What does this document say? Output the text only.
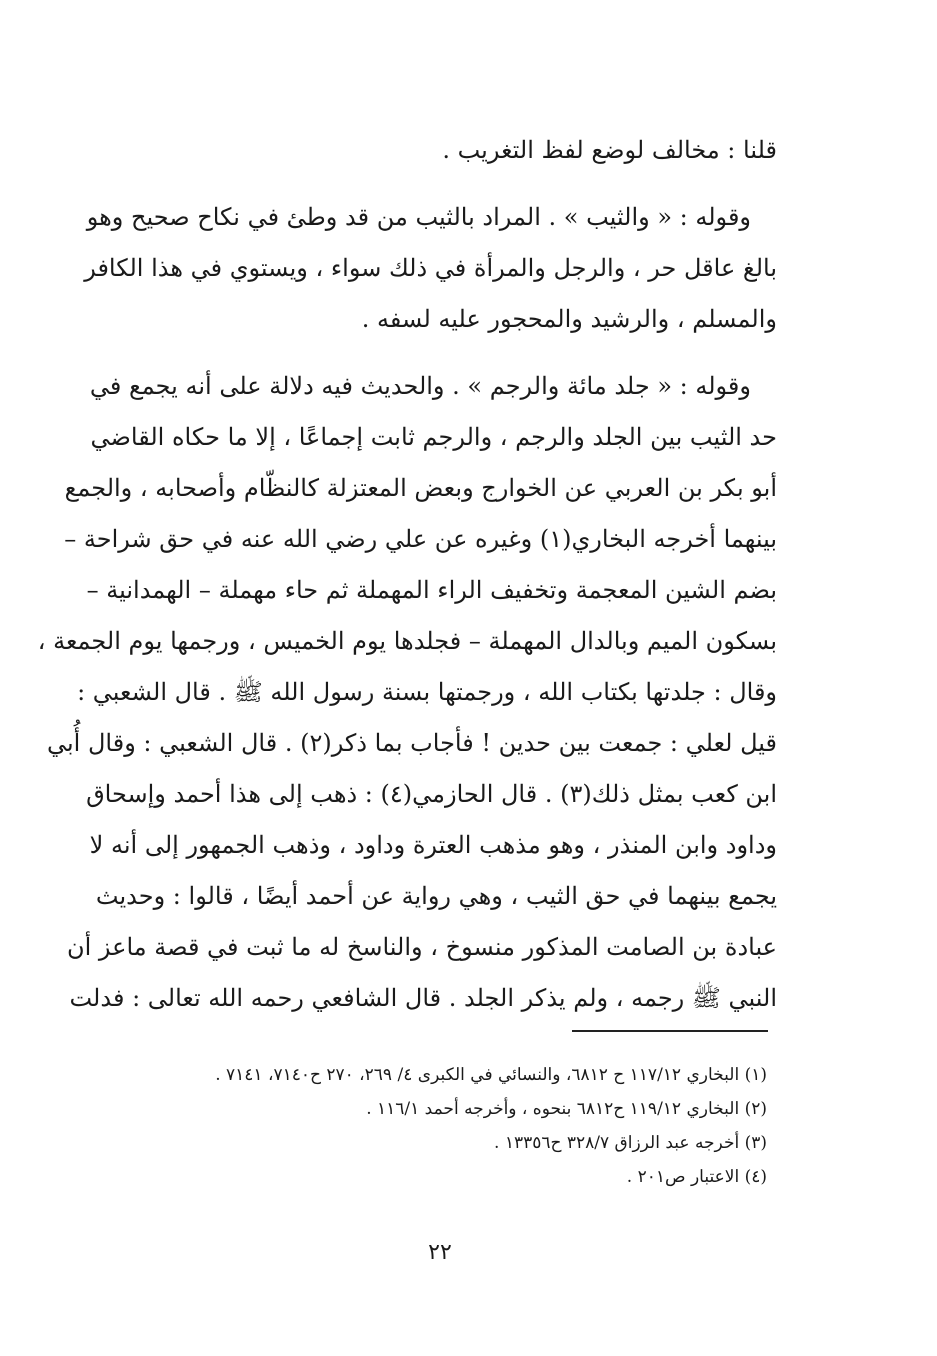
قلنا : مخالف لوضع لفظ التغريب .
وقوله : « والثيب » . المراد بالثيب من قد وطئ في نكاح صحيح وهو
بالغ عاقل حر ، والرجل والمرأة في ذلك سواء ، ويستوي في هذا الكافر
والمسلم ، والرشيد والمحجور عليه لسفه .
وقوله : « جلد مائة والرجم » . والحديث فيه دلالة على أنه يجمع في
حد الثيب بين الجلد والرجم ، والرجم ثابت إجماعًا ، إلا ما حكاه القاضي
أبو بكر بن العربي عن الخوارج وبعض المعتزلة كالنظّام وأصحابه ، والجمع
بينهما أخرجه البخاري(١) وغيره عن علي رضي الله عنه في حق شراحة –
بضم الشين المعجمة وتخفيف الراء المهملة ثم حاء مهملة – الهمدانية –
بسكون الميم وبالدال المهملة – فجلدها يوم الخميس ، ورجمها يوم الجمعة ،
وقال : جلدتها بكتاب الله ، ورجمتها بسنة رسول الله ﷺ . قال الشعبي :
قيل لعلي : جمعت بين حدين ! فأجاب بما ذكر(٢) . قال الشعبي : وقال أُبي
ابن كعب بمثل ذلك(٣) . قال الحازمي(٤) : ذهب إلى هذا أحمد وإسحاق
وداود وابن المنذر ، وهو مذهب العترة وداود ، وذهب الجمهور إلى أنه لا
يجمع بينهما في حق الثيب ، وهي رواية عن أحمد أيضًا ، قالوا : وحديث
عبادة بن الصامت المذكور منسوخ ، والناسخ له ما ثبت في قصة ماعز أن
النبي ﷺ رجمه ، ولم يذكر الجلد . قال الشافعي رحمه الله تعالى : فدلت
(١) البخاري ١١٧/١٢ ح ٦٨١٢، والنسائي في الكبرى ٤/ ٢٦٩، ٢٧٠ ح٧١٤٠، ٧١٤١ .
(٢) البخاري ١١٩/١٢ ح٦٨١٢ بنحوه ، وأخرجه أحمد ١١٦/١ .
(٣) أخرجه عبد الرزاق ٣٢٨/٧ ح١٣٣٥٦ .
(٤) الاعتبار ص٢٠١ .
٢٢
